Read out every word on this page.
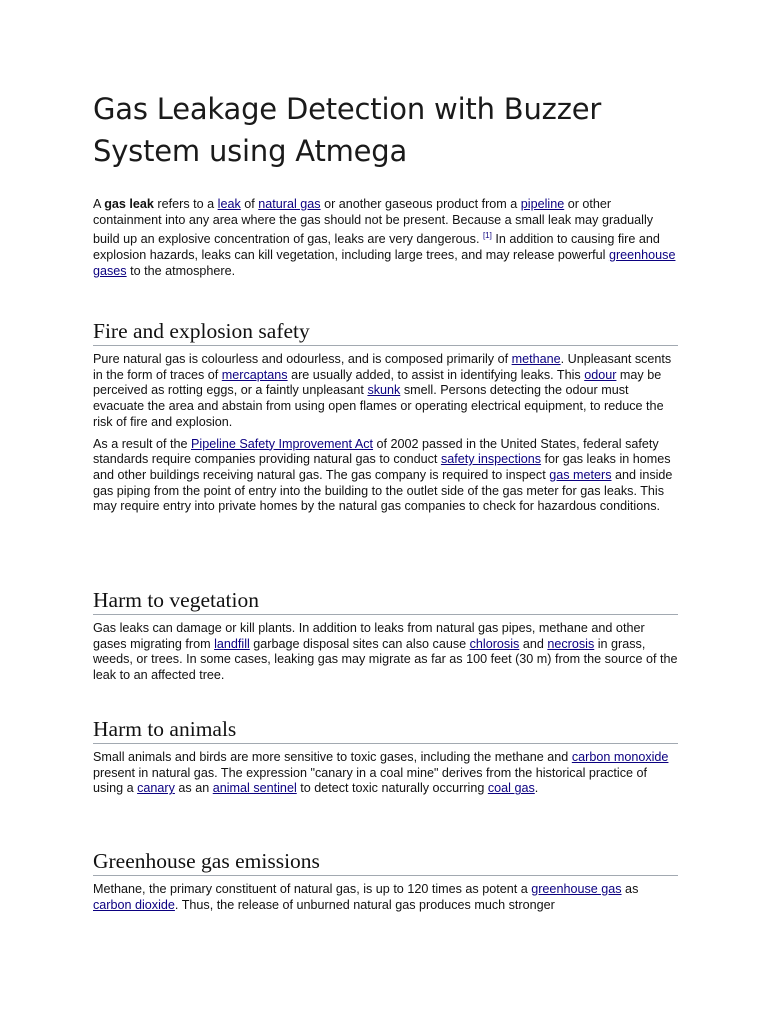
Gas Leakage Detection with Buzzer System using Atmega

A gas leak refers to a leak of natural gas or another gaseous product from a pipeline or other containment into any area where the gas should not be present. Because a small leak may gradually build up an explosive concentration of gas, leaks are very dangerous. [1] In addition to causing fire and explosion hazards, leaks can kill vegetation, including large trees, and may release powerful greenhouse gases to the atmosphere.

Fire and explosion safety

Pure natural gas is colourless and odourless, and is composed primarily of methane. Unpleasant scents in the form of traces of mercaptans are usually added, to assist in identifying leaks. This odour may be perceived as rotting eggs, or a faintly unpleasant skunk smell. Persons detecting the odour must evacuate the area and abstain from using open flames or operating electrical equipment, to reduce the risk of fire and explosion.

As a result of the Pipeline Safety Improvement Act of 2002 passed in the United States, federal safety standards require companies providing natural gas to conduct safety inspections for gas leaks in homes and other buildings receiving natural gas. The gas company is required to inspect gas meters and inside gas piping from the point of entry into the building to the outlet side of the gas meter for gas leaks. This may require entry into private homes by the natural gas companies to check for hazardous conditions.

Harm to vegetation

Gas leaks can damage or kill plants. In addition to leaks from natural gas pipes, methane and other gases migrating from landfill garbage disposal sites can also cause chlorosis and necrosis in grass, weeds, or trees. In some cases, leaking gas may migrate as far as 100 feet (30 m) from the source of the leak to an affected tree.

Harm to animals

Small animals and birds are more sensitive to toxic gases, including the methane and carbon monoxide present in natural gas. The expression "canary in a coal mine" derives from the historical practice of using a canary as an animal sentinel to detect toxic naturally occurring coal gas.

Greenhouse gas emissions

Methane, the primary constituent of natural gas, is up to 120 times as potent a greenhouse gas as carbon dioxide. Thus, the release of unburned natural gas produces much stronger
